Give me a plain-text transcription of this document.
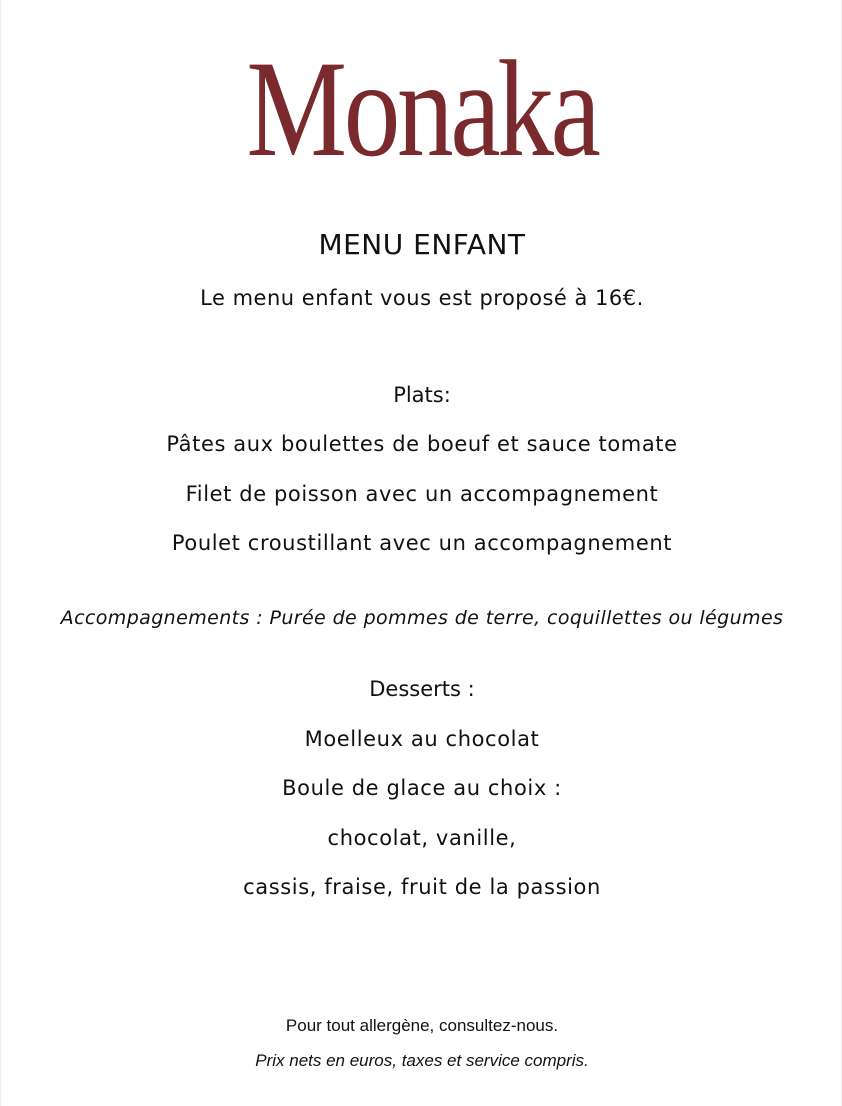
Monaka
MENU ENFANT
Le menu enfant vous est proposé à 16€.
Plats:
Pâtes aux boulettes de boeuf et sauce tomate
Filet de poisson avec un accompagnement
Poulet croustillant avec un accompagnement
Accompagnements : Purée de pommes de terre, coquillettes ou légumes
Desserts :
Moelleux au chocolat
Boule de glace au choix :
chocolat, vanille,
cassis, fraise, fruit de la passion
Pour tout allergène, consultez-nous.
Prix nets en euros, taxes et service compris.
